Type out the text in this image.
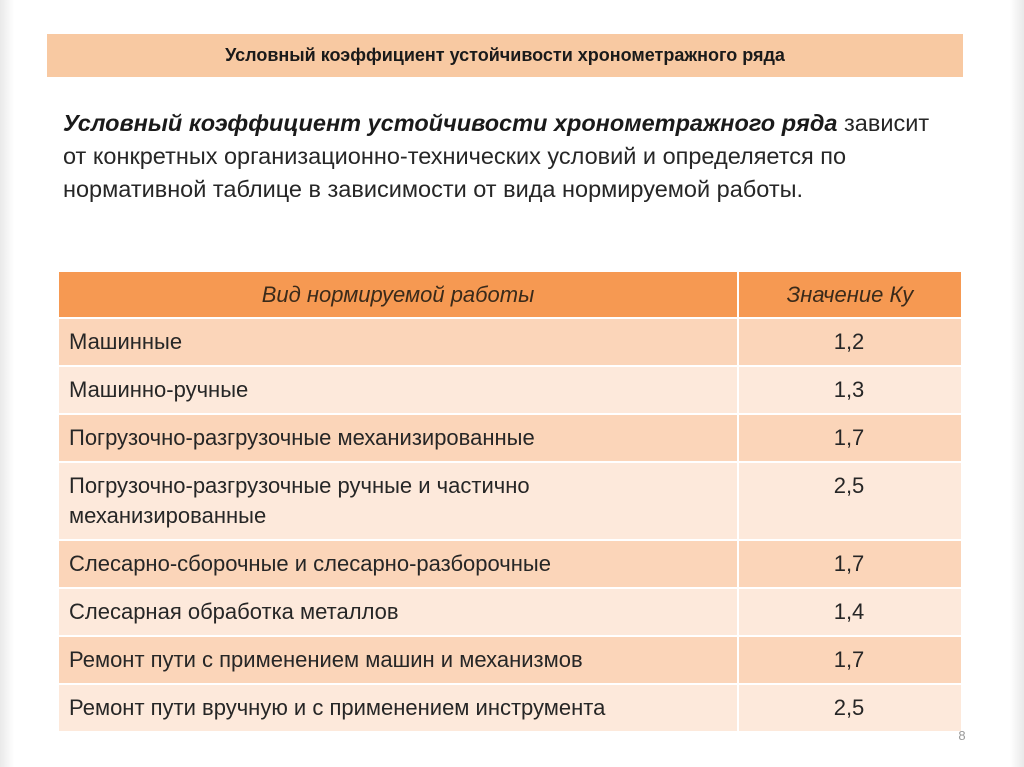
Условный коэффициент устойчивости хронометражного ряда
Условный коэффициент устойчивости хронометражного ряда зависит от конкретных организационно-технических условий и определяется по нормативной таблице в зависимости от вида нормируемой работы.
Вид нормируемой работы	Значение Ку
Машинные	1,2
Машинно-ручные	1,3
Погрузочно-разгрузочные механизированные	1,7
Погрузочно-разгрузочные ручные и частично механизированные	2,5
Слесарно-сборочные и слесарно-разборочные	1,7
Слесарная обработка металлов	1,4
Ремонт пути с применением машин и механизмов	1,7
Ремонт пути вручную и с применением инструмента	2,5
8
